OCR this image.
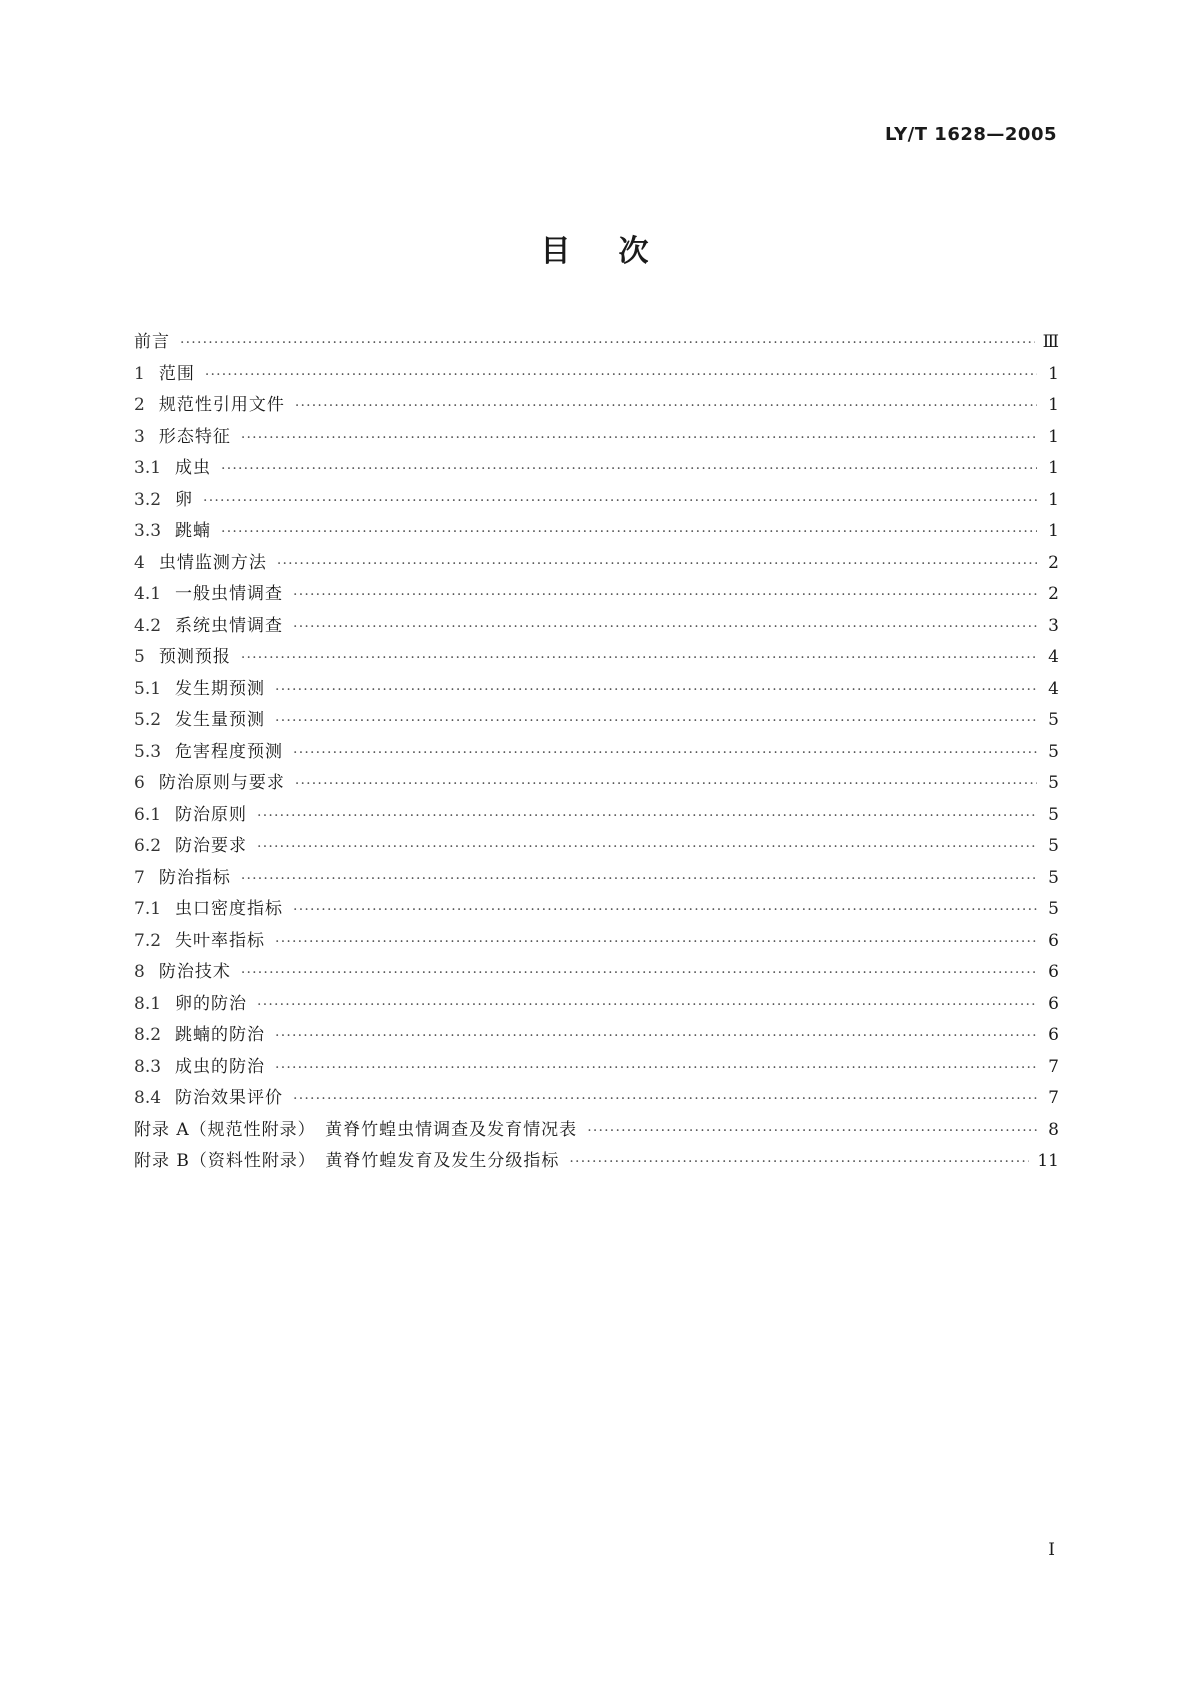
LY/T 1628—2005
目 次
前言 ·····	Ⅲ
1 范围 ·····	1
2 规范性引用文件 ·····	1
3 形态特征 ·····	1
3.1 成虫 ·····	1
3.2 卵 ·····	1
3.3 跳蝻 ·····	1
4 虫情监测方法 ·····	2
4.1 一般虫情调查 ·····	2
4.2 系统虫情调查 ·····	3
5 预测预报 ·····	4
5.1 发生期预测 ·····	4
5.2 发生量预测 ·····	5
5.3 危害程度预测 ·····	5
6 防治原则与要求 ·····	5
6.1 防治原则 ·····	5
6.2 防治要求 ·····	5
7 防治指标 ·····	5
7.1 虫口密度指标 ·····	5
7.2 失叶率指标 ·····	6
8 防治技术 ·····	6
8.1 卵的防治 ·····	6
8.2 跳蝻的防治 ·····	6
8.3 成虫的防治 ·····	7
8.4 防治效果评价 ·····	7
附录 A（规范性附录）　黄脊竹蝗虫情调查及发育情况表 ·····	8
附录 B（资料性附录）　黄脊竹蝗发育及发生分级指标 ·····	11
I
